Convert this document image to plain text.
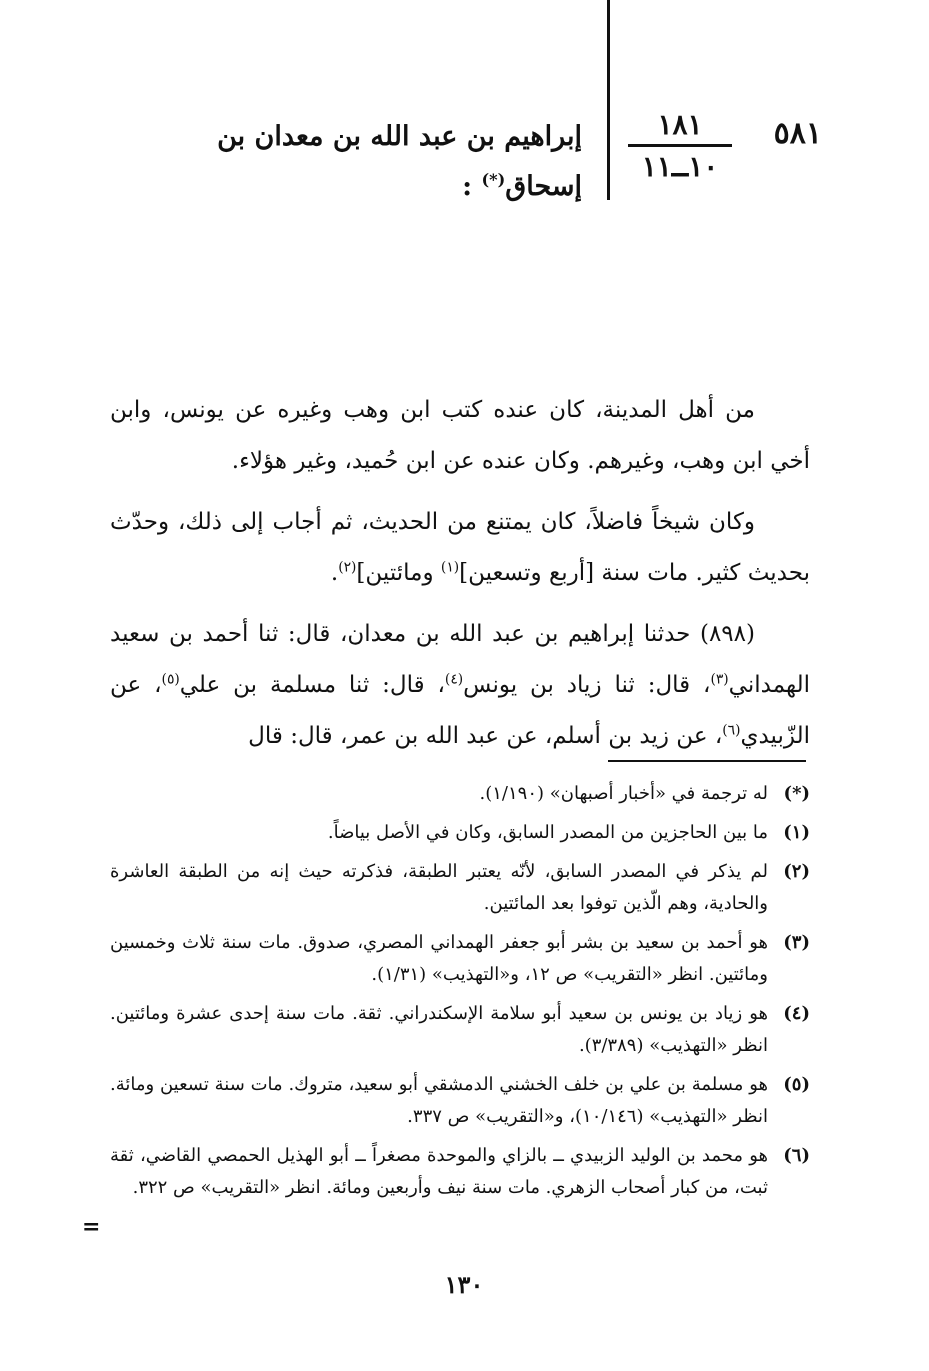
٥٨١
١٨١
١٠ــ١١
إبراهيم بن عبد الله بن معدان بن
إسحاق(*) :

من أهل المدينة، كان عنده كتب ابن وهب وغيره عن يونس، وابن أخي ابن وهب، وغيرهم. وكان عنده عن ابن حُميد، وغير هؤلاء.

وكان شيخاً فاضلاً، كان يمتنع من الحديث، ثم أجاب إلى ذلك، وحدّث بحديث كثير. مات سنة [أربع وتسعين]$^{(١)}$ ومائتين]$^{(٢)}$.

(٨٩٨) حدثنا إبراهيم بن عبد الله بن معدان، قال: ثنا أحمد بن سعيد الهمداني$^{(٣)}$، قال: ثنا زياد بن يونس$^{(٤)}$، قال: ثنا مسلمة بن علي$^{(٥)}$، عن الزّبيدي$^{(٦)}$، عن زيد بن أسلم، عن عبد الله بن عمر، قال: قال

(*)
له ترجمة في «أخبار أصبهان» (١/١٩٠).
(١)
ما بين الحاجزين من المصدر السابق، وكان في الأصل بياضاً.
(٢)
لم يذكر في المصدر السابق، لأنّه يعتبر الطبقة، فذكرته حيث إنه من الطبقة العاشرة والحادية، وهم الّذين توفوا بعد المائتين.
(٣)
هو أحمد بن سعيد بن بشر أبو جعفر الهمداني المصري، صدوق. مات سنة ثلاث وخمسين ومائتين. انظر «التقريب» ص ١٢، و«التهذيب» (١/٣١).
(٤)
هو زياد بن يونس بن سعيد أبو سلامة الإسكندراني. ثقة. مات سنة إحدى عشرة ومائتين. انظر «التهذيب» (٣/٣٨٩).
(٥)
هو مسلمة بن علي بن خلف الخشني الدمشقي أبو سعيد، متروك. مات سنة تسعين ومائة. انظر «التهذيب» (١٠/١٤٦)، و«التقريب» ص ٣٣٧.
(٦)
هو محمد بن الوليد الزبيدي ــ بالزاي والموحدة مصغراً ــ أبو الهذيل الحمصي القاضي، ثقة ثبت، من كبار أصحاب الزهري. مات سنة نيف وأربعين ومائة. انظر «التقريب» ص ٣٢٢.
=
١٣٠
